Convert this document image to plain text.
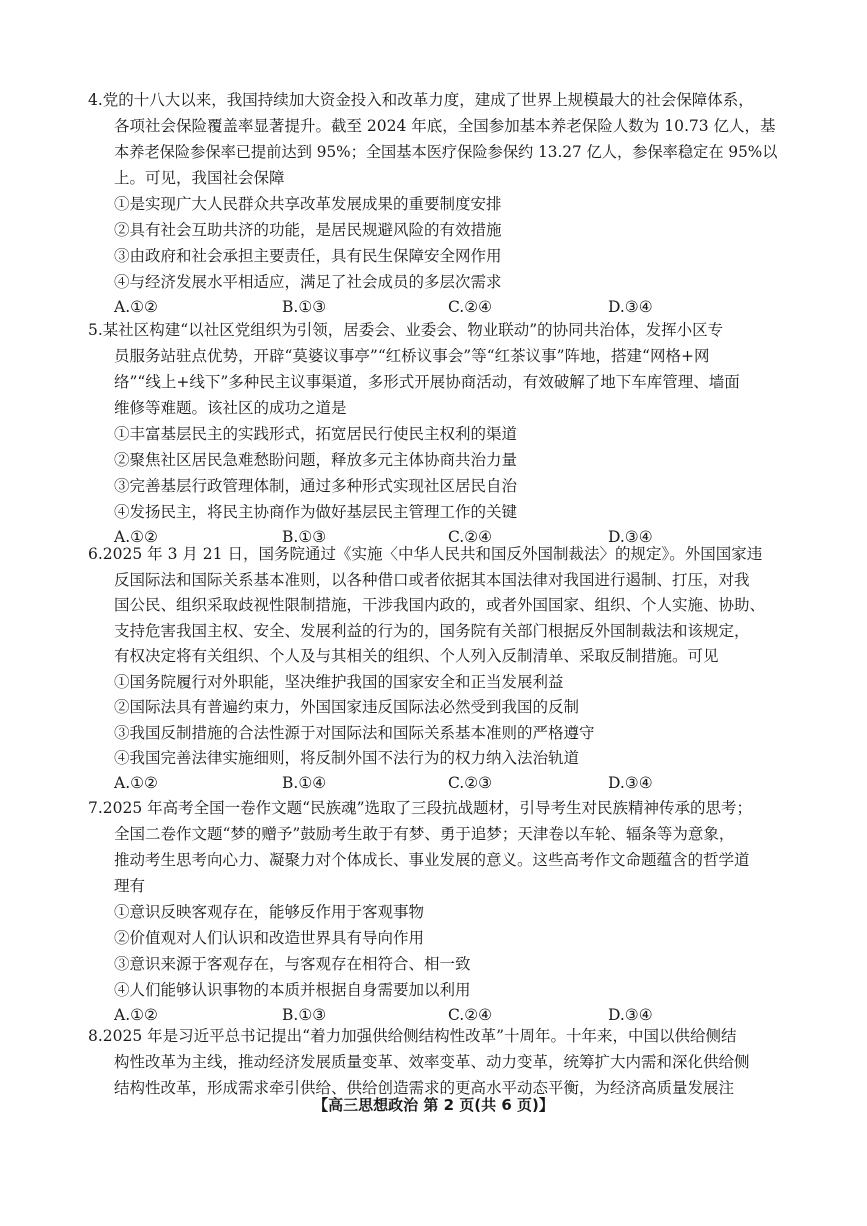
4.党的十八大以来，我国持续加大资金投入和改革力度，建成了世界上规模最大的社会保障体系，
各项社会保险覆盖率显著提升。截至 2024 年底，全国参加基本养老保险人数为 10.73 亿人，基
本养老保险参保率已提前达到 95%；全国基本医疗保险参保约 13.27 亿人，参保率稳定在 95%以
上。可见，我国社会保障
①是实现广大人民群众共享改革发展成果的重要制度安排
②具有社会互助共济的功能，是居民规避风险的有效措施
③由政府和社会承担主要责任，具有民生保障安全网作用
④与经济发展水平相适应，满足了社会成员的多层次需求
A.①②	B.①③	C.②④	D.③④
5.某社区构建“以社区党组织为引领，居委会、业委会、物业联动”的协同共治体，发挥小区专
员服务站驻点优势，开辟“莫婆议事亭”“红桥议事会”等“红茶议事”阵地，搭建“网格+网
络”“线上+线下”多种民主议事渠道，多形式开展协商活动，有效破解了地下车库管理、墙面
维修等难题。该社区的成功之道是
①丰富基层民主的实践形式，拓宽居民行使民主权利的渠道
②聚焦社区居民急难愁盼问题，释放多元主体协商共治力量
③完善基层行政管理体制，通过多种形式实现社区居民自治
④发扬民主，将民主协商作为做好基层民主管理工作的关键
A.①②	B.①③	C.②④	D.③④
6.2025 年 3 月 21 日，国务院通过《实施〈中华人民共和国反外国制裁法〉的规定》。外国国家违
反国际法和国际关系基本准则，以各种借口或者依据其本国法律对我国进行遏制、打压，对我
国公民、组织采取歧视性限制措施，干涉我国内政的，或者外国国家、组织、个人实施、协助、
支持危害我国主权、安全、发展利益的行为的，国务院有关部门根据反外国制裁法和该规定，
有权决定将有关组织、个人及与其相关的组织、个人列入反制清单、采取反制措施。可见
①国务院履行对外职能，坚决维护我国的国家安全和正当发展利益
②国际法具有普遍约束力，外国国家违反国际法必然受到我国的反制
③我国反制措施的合法性源于对国际法和国际关系基本准则的严格遵守
④我国完善法律实施细则，将反制外国不法行为的权力纳入法治轨道
A.①②	B.①④	C.②③	D.③④
7.2025 年高考全国一卷作文题“民族魂”选取了三段抗战题材，引导考生对民族精神传承的思考；
全国二卷作文题“梦的赠予”鼓励考生敢于有梦、勇于追梦；天津卷以车轮、辐条等为意象，
推动考生思考向心力、凝聚力对个体成长、事业发展的意义。这些高考作文命题蕴含的哲学道
理有
①意识反映客观存在，能够反作用于客观事物
②价值观对人们认识和改造世界具有导向作用
③意识来源于客观存在，与客观存在相符合、相一致
④人们能够认识事物的本质并根据自身需要加以利用
A.①②	B.①③	C.②④	D.③④
8.2025 年是习近平总书记提出“着力加强供给侧结构性改革”十周年。十年来，中国以供给侧结
构性改革为主线，推动经济发展质量变革、效率变革、动力变革，统筹扩大内需和深化供给侧
结构性改革，形成需求牵引供给、供给创造需求的更高水平动态平衡，为经济高质量发展注
【高三思想政治 第 2 页(共 6 页)】
